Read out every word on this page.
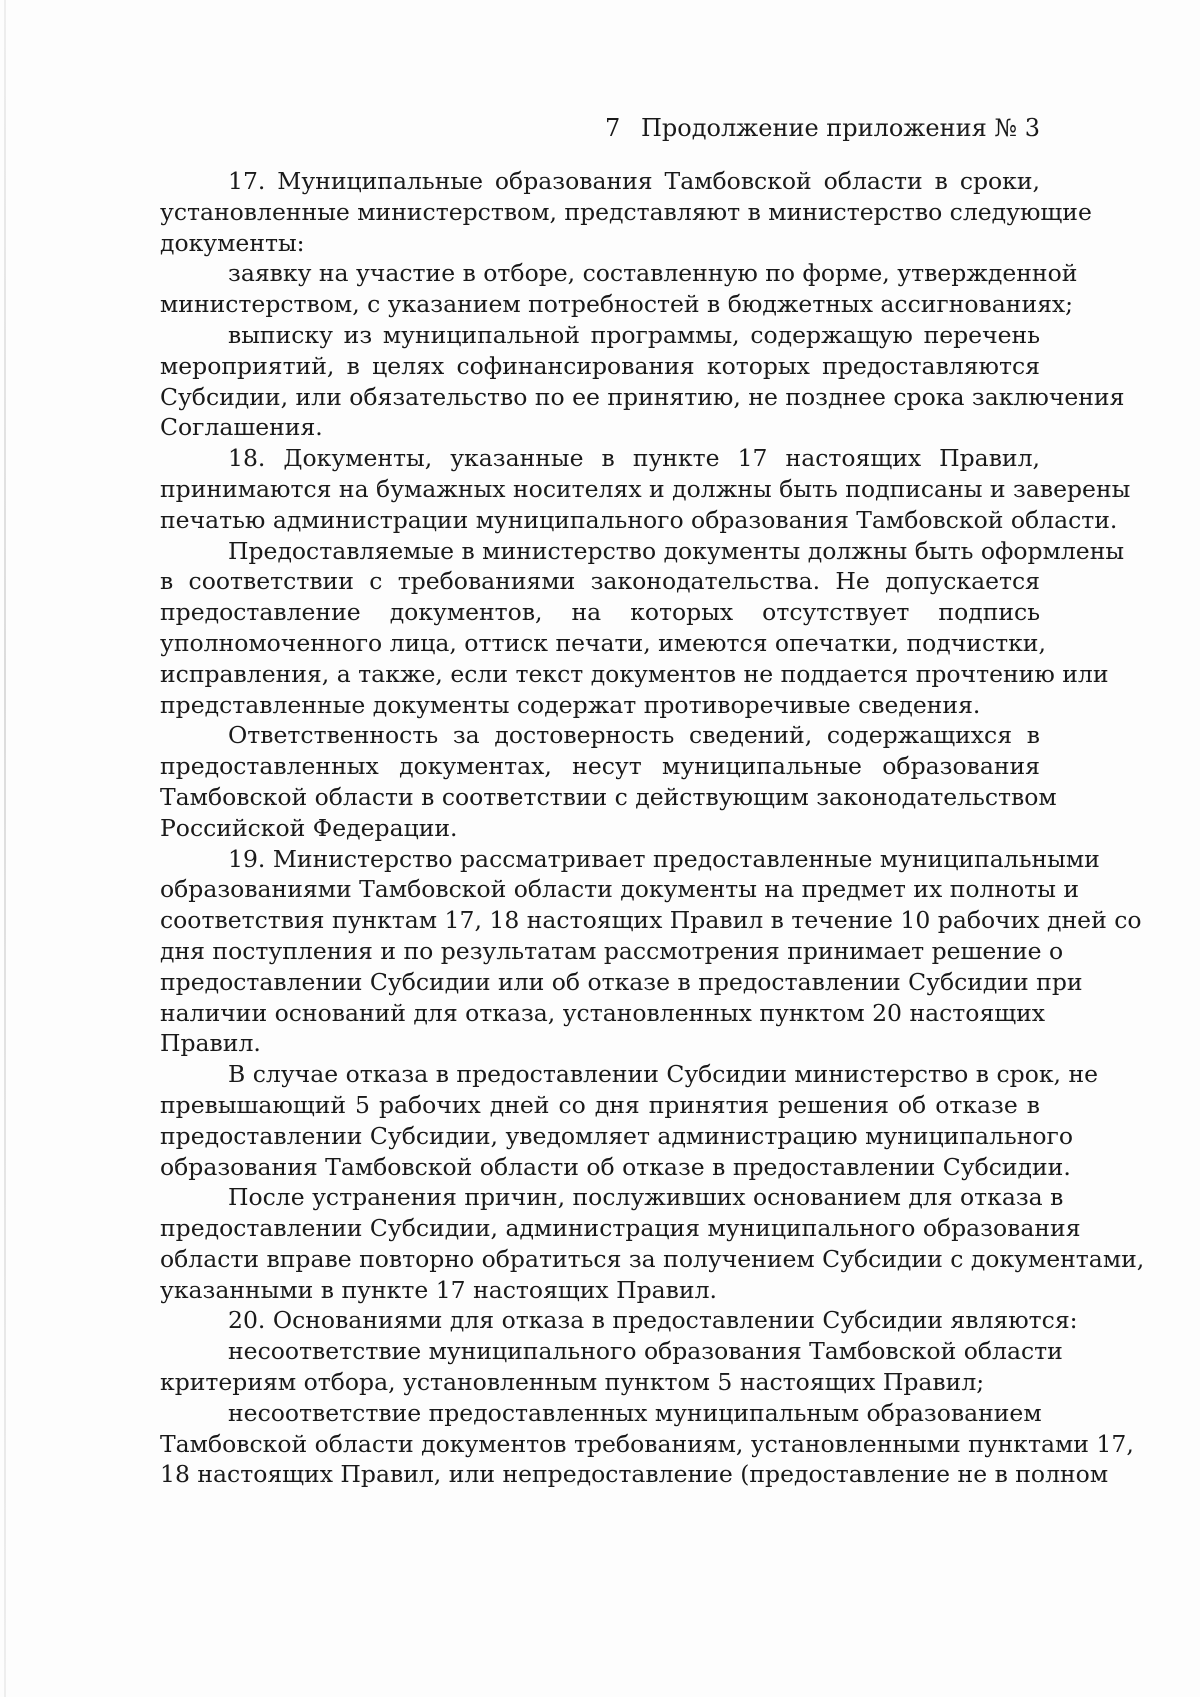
7 Продолжение приложения № 3
17. Муниципальные образования Тамбовской области в сроки,
установленные министерством, представляют в министерство следующие
документы:
заявку на участие в отборе, составленную по форме, утвержденной
министерством, с указанием потребностей в бюджетных ассигнованиях;
выписку из муниципальной программы, содержащую перечень
мероприятий, в целях софинансирования которых предоставляются
Субсидии, или обязательство по ее принятию, не позднее срока заключения
Соглашения.
18. Документы, указанные в пункте 17 настоящих Правил,
принимаются на бумажных носителях и должны быть подписаны и заверены
печатью администрации муниципального образования Тамбовской области.
Предоставляемые в министерство документы должны быть оформлены
в соответствии с требованиями законодательства. Не допускается
предоставление документов, на которых отсутствует подпись
уполномоченного лица, оттиск печати, имеются опечатки, подчистки,
исправления, а также, если текст документов не поддается прочтению или
представленные документы содержат противоречивые сведения.
Ответственность за достоверность сведений, содержащихся в
предоставленных документах, несут муниципальные образования
Тамбовской области в соответствии с действующим законодательством
Российской Федерации.
19. Министерство рассматривает предоставленные муниципальными
образованиями Тамбовской области документы на предмет их полноты и
соответствия пунктам 17, 18 настоящих Правил в течение 10 рабочих дней со
дня поступления и по результатам рассмотрения принимает решение о
предоставлении Субсидии или об отказе в предоставлении Субсидии при
наличии оснований для отказа, установленных пунктом 20 настоящих
Правил.
В случае отказа в предоставлении Субсидии министерство в срок, не
превышающий 5 рабочих дней со дня принятия решения об отказе в
предоставлении Субсидии, уведомляет администрацию муниципального
образования Тамбовской области об отказе в предоставлении Субсидии.
После устранения причин, послуживших основанием для отказа в
предоставлении Субсидии, администрация муниципального образования
области вправе повторно обратиться за получением Субсидии с документами,
указанными в пункте 17 настоящих Правил.
20. Основаниями для отказа в предоставлении Субсидии являются:
несоответствие муниципального образования Тамбовской области
критериям отбора, установленным пунктом 5 настоящих Правил;
несоответствие предоставленных муниципальным образованием
Тамбовской области документов требованиям, установленными пунктами 17,
18 настоящих Правил, или непредоставление (предоставление не в полном
